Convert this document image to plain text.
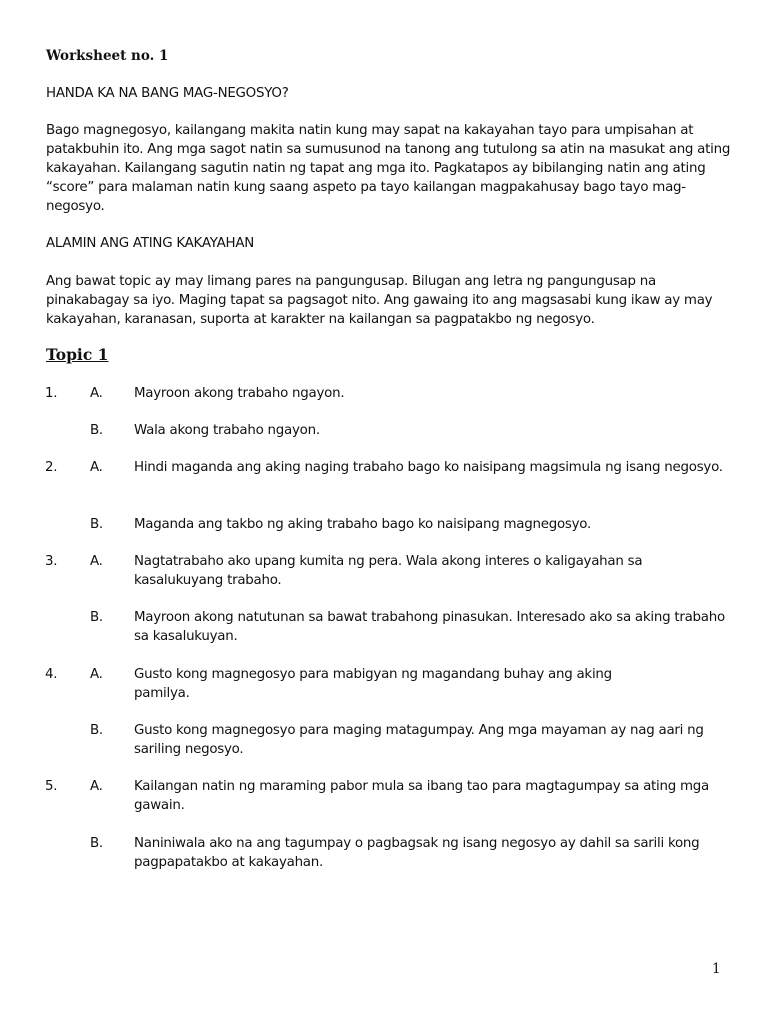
Worksheet no. 1
HANDA KA NA BANG MAG-NEGOSYO?

Bago magnegosyo, kailangang makita natin kung may sapat na kakayahan tayo para umpisahan at patakbuhin ito. Ang mga sagot natin sa sumusunod na tanong ang tutulong sa atin na masukat ang ating kakayahan. Kailangang sagutin natin ng tapat ang mga ito. Pagkatapos ay bibilanging natin ang ating “score” para malaman natin kung saang aspeto pa tayo kailangan magpakahusay bago tayo mag-negosyo.

ALAMIN ANG ATING KAKAYAHAN

Ang bawat topic ay may limang pares na pangungusap. Bilugan ang letra ng pangungusap na pinakabagay sa iyo. Maging tapat sa pagsagot nito. Ang gawaing ito ang magsasabi kung ikaw ay may kakayahan, karanasan, suporta at karakter na kailangan sa pagpatakbo ng negosyo.

Topic 1
1. A. Mayroon akong trabaho ngayon.
B. Wala akong trabaho ngayon.
2. A. Hindi maganda ang aking naging trabaho bago ko naisipang magsimula ng isang negosyo.
B. Maganda ang takbo ng aking trabaho bago ko naisipang magnegosyo.
3. A. Nagtatrabaho ako upang kumita ng pera. Wala akong interes o kaligayahan sa kasalukuyang trabaho.
B. Mayroon akong natutunan sa bawat trabahong pinasukan. Interesado ako sa aking trabaho sa kasalukuyan.
4. A. Gusto kong magnegosyo para mabigyan ng magandang buhay ang aking
pamilya.
B. Gusto kong magnegosyo para maging matagumpay. Ang mga mayaman ay nag aari ng sariling negosyo.
5. A. Kailangan natin ng maraming pabor mula sa ibang tao para magtagumpay sa ating mga gawain.
B. Naniniwala ako na ang tagumpay o pagbagsak ng isang negosyo ay dahil sa sarili kong pagpapatakbo at kakayahan.
1
